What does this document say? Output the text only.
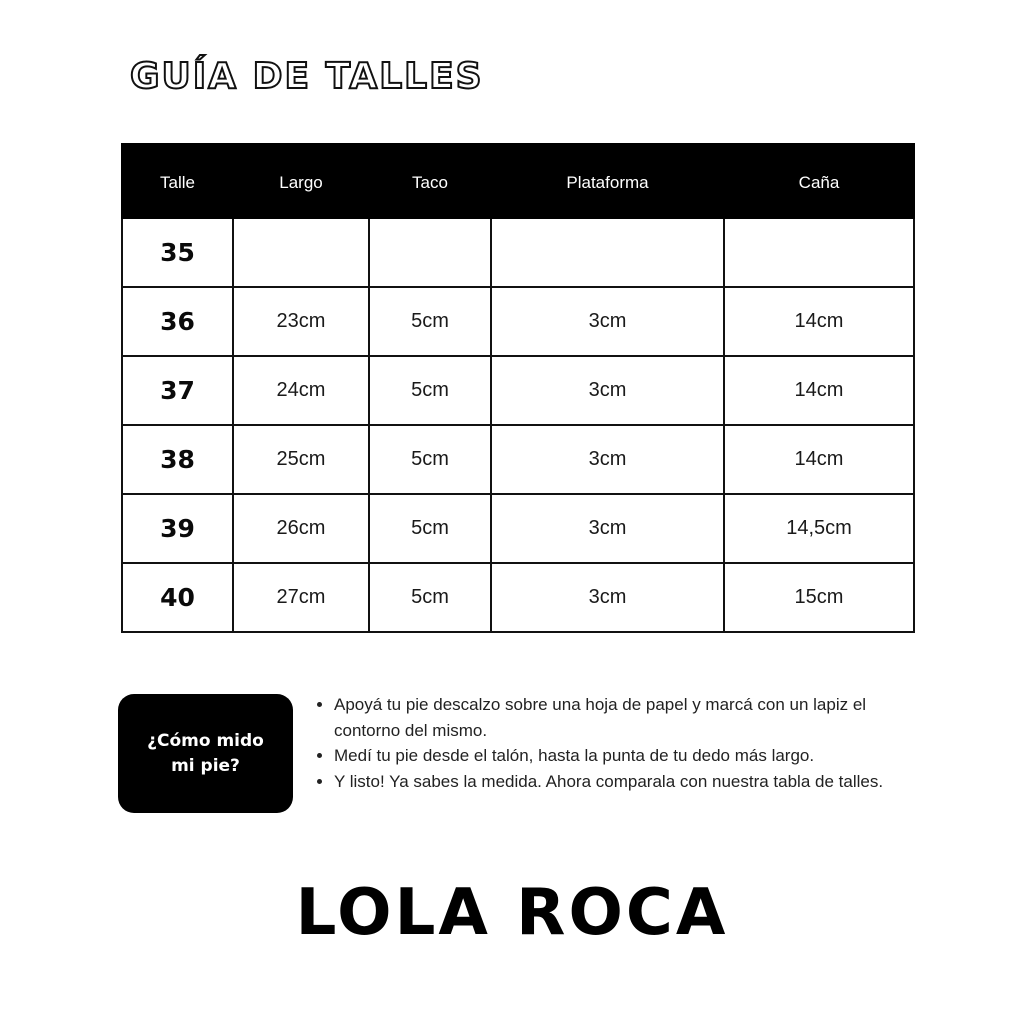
GUÍA DE TALLES
Talle	Largo	Taco	Plataforma	Caña
35				
36	23cm	5cm	3cm	14cm
37	24cm	5cm	3cm	14cm
38	25cm	5cm	3cm	14cm
39	26cm	5cm	3cm	14,5cm
40	27cm	5cm	3cm	15cm
¿Cómo mido
mi pie?
• Apoyá tu pie descalzo sobre una hoja de papel y marcá con un lapiz el contorno del mismo.
• Medí tu pie desde el talón, hasta la punta de tu dedo más largo.
• Y listo! Ya sabes la medida. Ahora comparala con nuestra tabla de talles.
LOLA ROCA
